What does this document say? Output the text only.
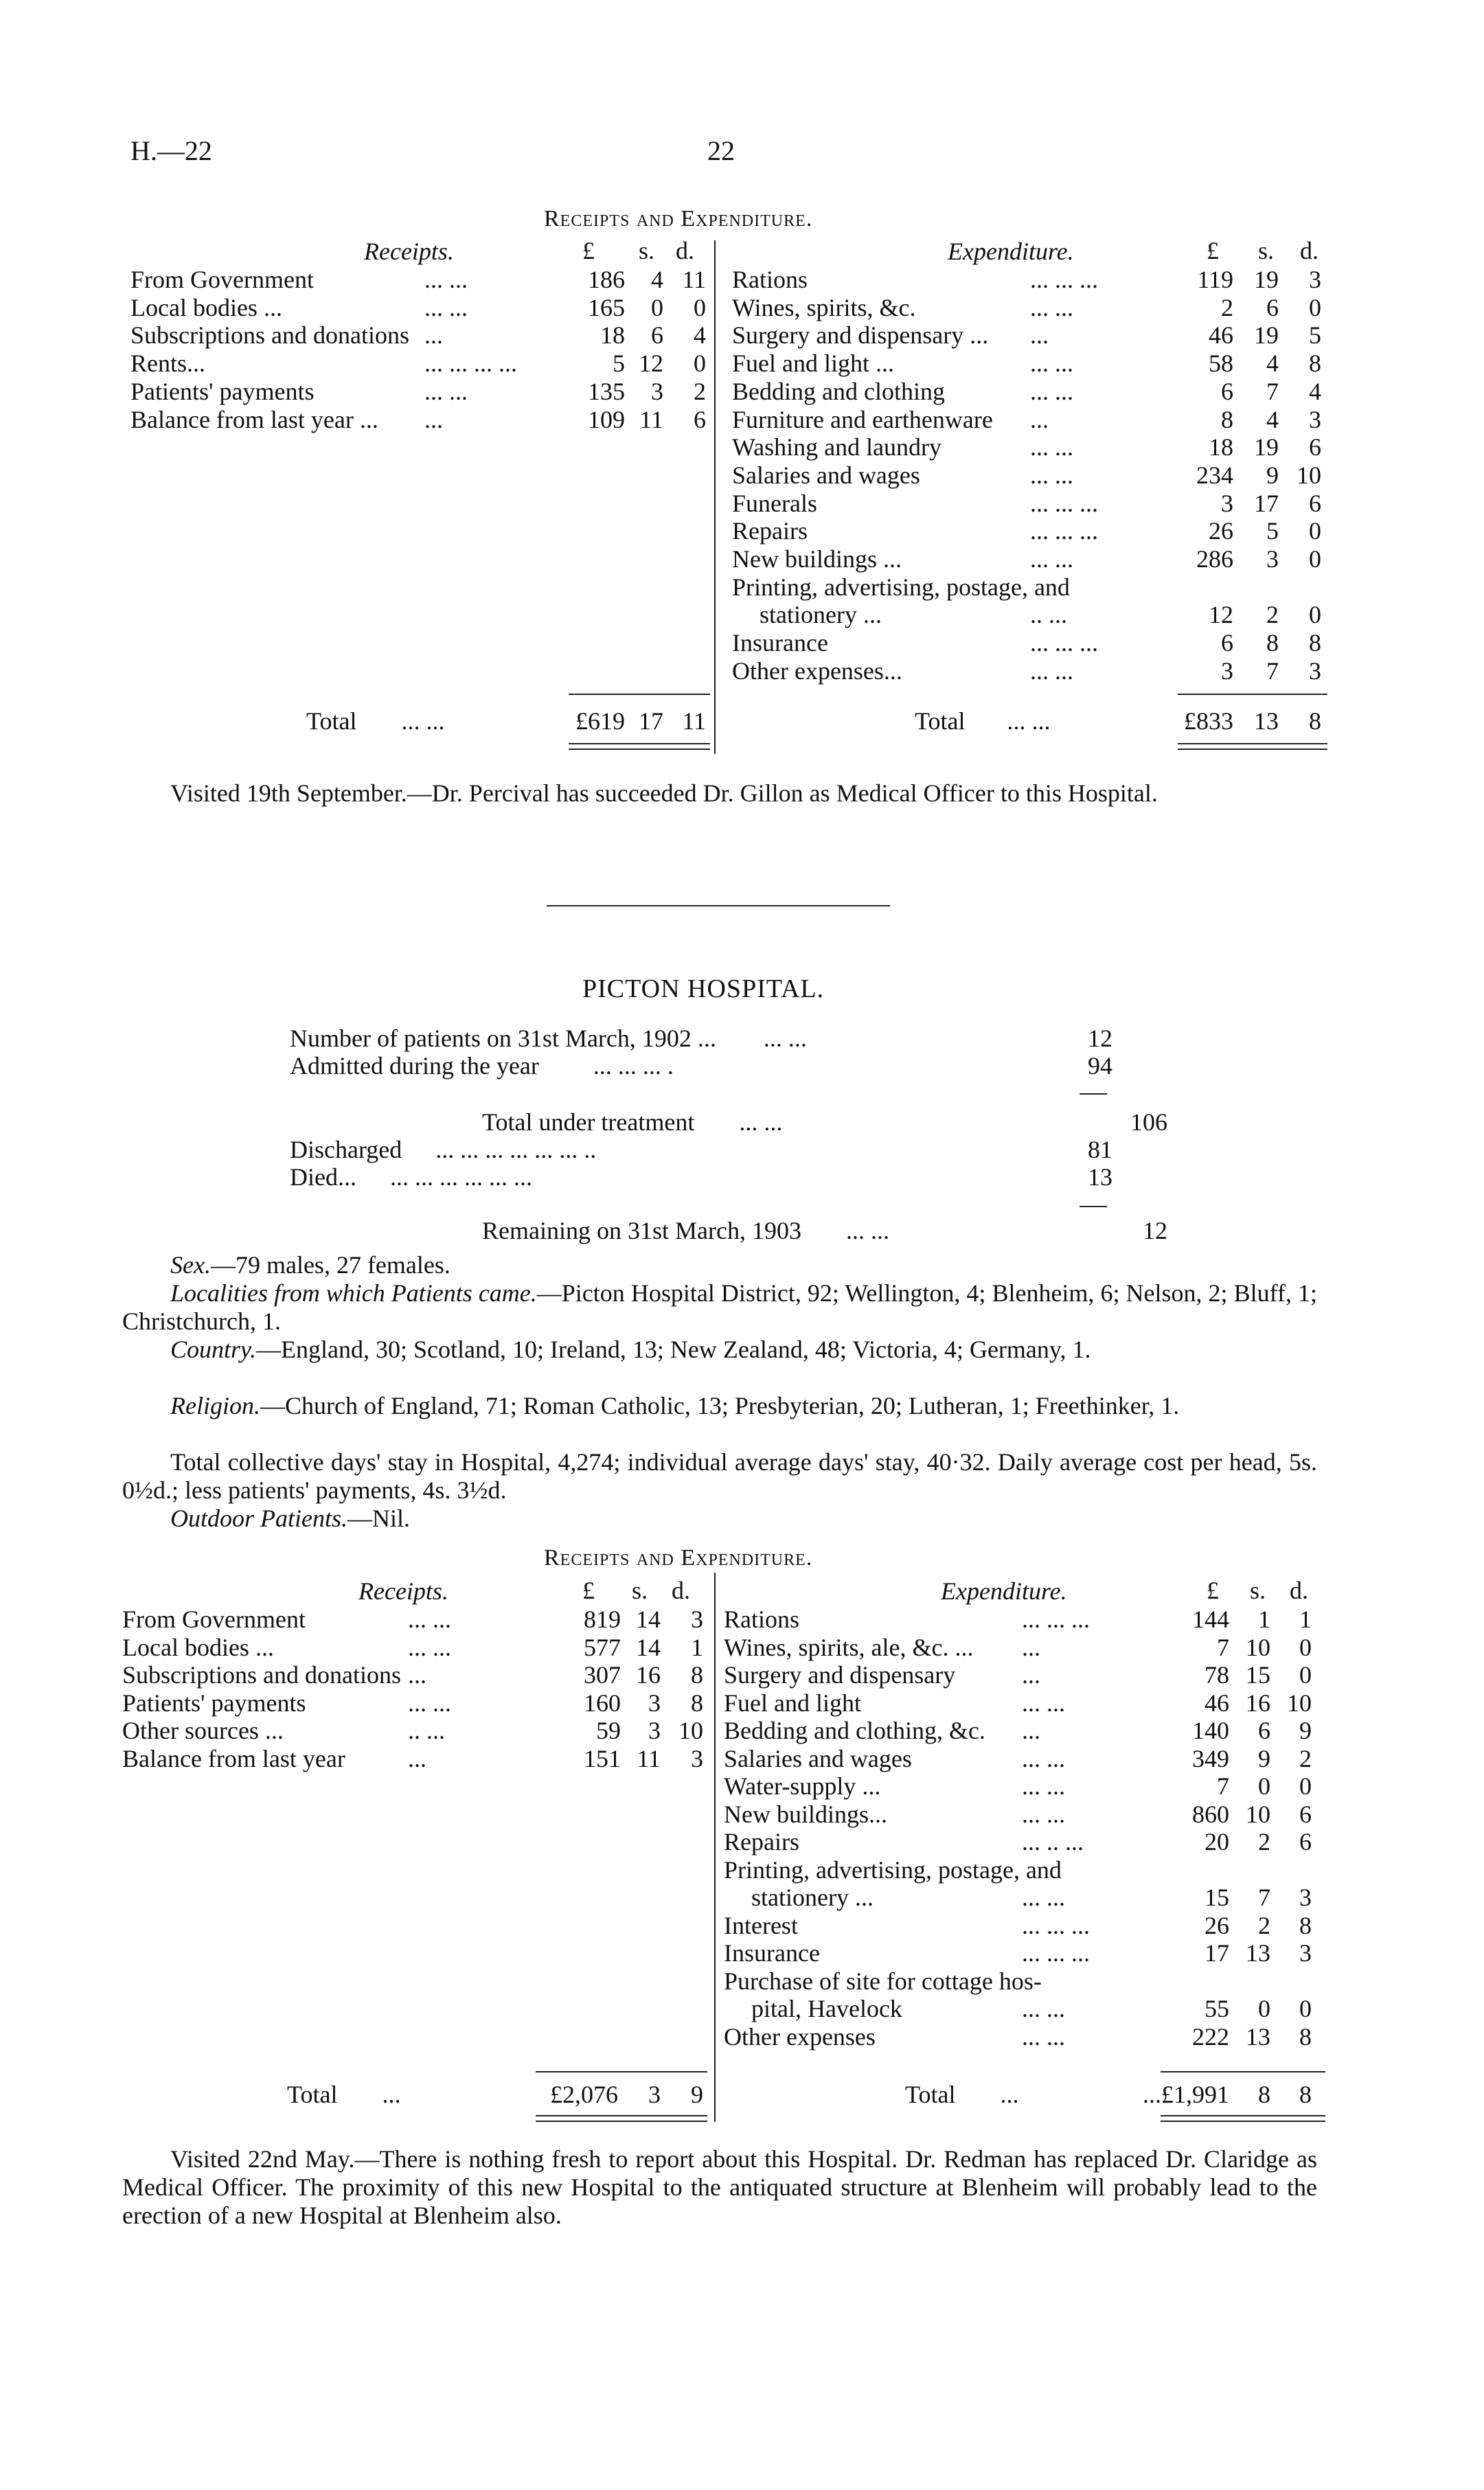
H.—22	22
Receipts and Expenditure.
Receipts.	£ s. d.
From Government	... ...	186	4 11
Local bodies ...	... ...	165	0	0
Subscriptions and donations ...	18	6	4
Rents...	... ... ... ...	5 12	0
Patients' payments	... ...	135	3	2
Balance from last year ... ...	109 11	6
Total ... ...	£619 17 11
Expenditure.	£ s. d.
Rations	... ... ...	119 19	3
Wines, spirits, &c.	... ...	2	6	0
Surgery and dispensary ... ...	46 19	5
Fuel and light ...	... ...	58	4	8
Bedding and clothing	... ...	6	7	4
Furniture and earthenware ...	8	4	3
Washing and laundry	... ...	18 19	6
Salaries and wages	... ...	234	9 10
Funerals	... ... ...	3 17	6
Repairs	... ... ...	26	5	0
New buildings ...	... ...	286	3	0
Printing, advertising, postage, and
stationery ...	.. ...	12	2	0
Insurance	... ... ...	6	8	8
Other expenses...	... ...	3	7	3
Total ... ...	£833 13	8
Visited 19th September.—Dr. Percival has succeeded Dr. Gillon as Medical Officer to this Hospital.
PICTON HOSPITAL.
Number of patients on 31st March, 1902 ... ... ...	12
Admitted during the year ... ... ... .	94
Total under treatment ... ...	106
Discharged ... ... ... ... ... ... ..	81
Died... ... ... ... ... ... ...	13
Remaining on 31st March, 1903 ... ...	12
Sex.—79 males, 27 females.
Localities from which Patients came.—Picton Hospital District, 92; Wellington, 4; Blenheim, 6; Nelson, 2; Bluff, 1; Christchurch, 1.
Country.—England, 30; Scotland, 10; Ireland, 13; New Zealand, 48; Victoria, 4; Germany, 1.
Religion.—Church of England, 71; Roman Catholic, 13; Presbyterian, 20; Lutheran, 1; Freethinker, 1.
Total collective days' stay in Hospital, 4,274; individual average days' stay, 40·32. Daily average cost per head, 5s. 0½d.; less patients' payments, 4s. 3½d.
Outdoor Patients.—Nil.
Receipts and Expenditure.
Receipts.	£ s. d.
From Government	... ...	819 14	3
Local bodies ...	... ...	577 14	1
Subscriptions and donations ...	307 16	8
Patients' payments	... ...	160	3	8
Other sources ...	.. ...	59	3 10
Balance from last year	...	151 11	3
Total ...	£2,076	3	9
Expenditure.	£ s. d.
Rations	... ... ...	144	1	1
Wines, spirits, ale, &c. ... ...	7 10	0
Surgery and dispensary	...	78 15	0
Fuel and light	... ...	46 16 10
Bedding and clothing, &c. ...	140	6	9
Salaries and wages	... ...	349	9	2
Water-supply ...	... ...	7	0	0
New buildings...	... ...	860 10	6
Repairs	... .. ...	20	2	6
Printing, advertising, postage, and
stationery ...	... ...	15	7	3
Interest	... ... ...	26	2	8
Insurance	... ... ...	17 13	3
Purchase of site for cottage hos-
pital, Havelock	... ...	55	0	0
Other expenses	... ...	222 13	8
Total ...	...£1,991	8	8
Visited 22nd May.—There is nothing fresh to report about this Hospital. Dr. Redman has replaced Dr. Claridge as Medical Officer. The proximity of this new Hospital to the antiquated structure at Blenheim will probably lead to the erection of a new Hospital at Blenheim also.
